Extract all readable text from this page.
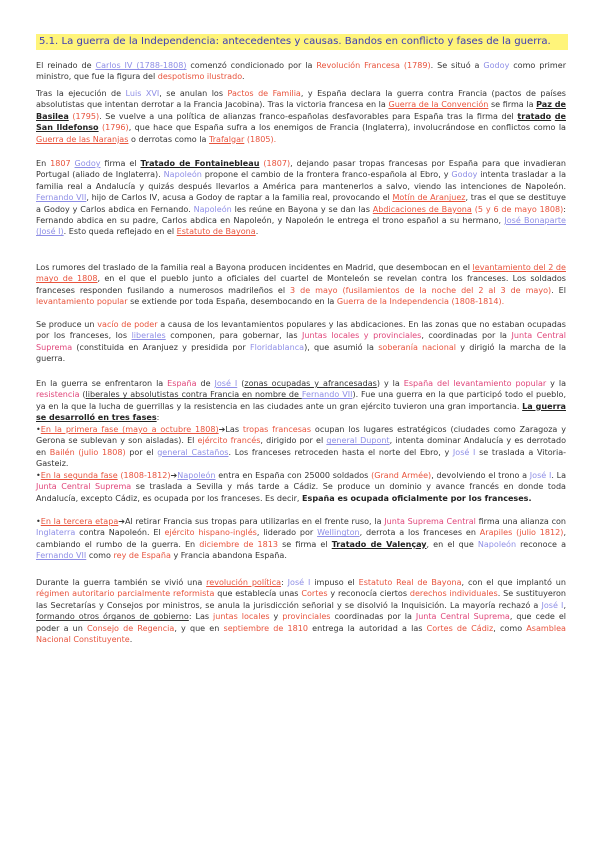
5.1. La guerra de la Independencia: antecedentes y causas. Bandos en conflicto y fases de la guerra.

El reinado de Carlos IV (1788-1808) comenzó condicionado por la Revolución Francesa (1789). Se situó a Godoy como primer ministro, que fue la figura del despotismo ilustrado.

Tras la ejecución de Luis XVI, se anulan los Pactos de Familia, y España declara la guerra contra Francia (pactos de países absolutistas que intentan derrotar a la Francia Jacobina). Tras la victoria francesa en la Guerra de la Convención se firma la Paz de Basilea (1795). Se vuelve a una política de alianzas franco-españolas desfavorables para España tras la firma del tratado de San Ildefonso (1796), que hace que España sufra a los enemigos de Francia (Inglaterra), involucrándose en conflictos como la Guerra de las Naranjas o derrotas como la Trafalgar (1805).

En 1807 Godoy firma el Tratado de Fontainebleau (1807), dejando pasar tropas francesas por España para que invadieran Portugal (aliado de Inglaterra). Napoleón propone el cambio de la frontera franco-española al Ebro, y Godoy intenta trasladar a la familia real a Andalucía y quizás después llevarlos a América para mantenerlos a salvo, viendo las intenciones de Napoleón. Fernando VII, hijo de Carlos IV, acusa a Godoy de raptar a la familia real, provocando el Motín de Aranjuez, tras el que se destituye a Godoy y Carlos abdica en Fernando. Napoleón les reúne en Bayona y se dan las Abdicaciones de Bayona (5 y 6 de mayo 1808): Fernando abdica en su padre, Carlos abdica en Napoleón, y Napoleón le entrega el trono español a su hermano, José Bonaparte (José I). Esto queda reflejado en el Estatuto de Bayona.

Los rumores del traslado de la familia real a Bayona producen incidentes en Madrid, que desembocan en el levantamiento del 2 de mayo de 1808, en el que el pueblo junto a oficiales del cuartel de Monteleón se revelan contra los franceses. Los soldados franceses responden fusilando a numerosos madrileños el 3 de mayo (fusilamientos de la noche del 2 al 3 de mayo). El levantamiento popular se extiende por toda España, desembocando en la Guerra de la Independencia (1808-1814).

Se produce un vacío de poder a causa de los levantamientos populares y las abdicaciones. En las zonas que no estaban ocupadas por los franceses, los liberales componen, para gobernar, las Juntas locales y provinciales, coordinadas por la Junta Central Suprema (constituida en Aranjuez y presidida por Floridablanca), que asumió la soberanía nacional y dirigió la marcha de la guerra.

En la guerra se enfrentaron la España de José I (zonas ocupadas y afrancesadas) y la España del levantamiento popular y la resistencia (liberales y absolutistas contra Francia en nombre de Fernando VII). Fue una guerra en la que participó todo el pueblo, ya en la que la lucha de guerrillas y la resistencia en las ciudades ante un gran ejército tuvieron una gran importancia. La guerra se desarrolló en tres fases:

•En la primera fase (mayo a octubre 1808)➔Las tropas francesas ocupan los lugares estratégicos (ciudades como Zaragoza y Gerona se sublevan y son aisladas). El ejército francés, dirigido por el general Dupont, intenta dominar Andalucía y es derrotado en Bailén (julio 1808) por el general Castaños. Los franceses retroceden hasta el norte del Ebro, y José I se traslada a Vitoria-Gasteiz.

•En la segunda fase (1808-1812)➔Napoleón entra en España con 25000 soldados (Grand Armée), devolviendo el trono a José I. La Junta Central Suprema se traslada a Sevilla y más tarde a Cádiz. Se produce un dominio y avance francés en donde toda Andalucía, excepto Cádiz, es ocupada por los franceses. Es decir, España es ocupada oficialmente por los franceses.

•En la tercera etapa➔Al retirar Francia sus tropas para utilizarlas en el frente ruso, la Junta Suprema Central firma una alianza con Inglaterra contra Napoleón. El ejército hispano-inglés, liderado por Wellington, derrota a los franceses en Arapiles (julio 1812), cambiando el rumbo de la guerra. En diciembre de 1813 se firma el Tratado de Valençay, en el que Napoleón reconoce a Fernando VII como rey de España y Francia abandona España.

Durante la guerra también se vivió una revolución política: José I impuso el Estatuto Real de Bayona, con el que implantó un régimen autoritario parcialmente reformista que establecía unas Cortes y reconocía ciertos derechos individuales. Se sustituyeron las Secretarías y Consejos por ministros, se anula la jurisdicción señorial y se disolvió la Inquisición. La mayoría rechazó a José I, formando otros órganos de gobierno: Las juntas locales y provinciales coordinadas por la Junta Central Suprema, que cede el poder a un Consejo de Regencia, y que en septiembre de 1810 entrega la autoridad a las Cortes de Cádiz, como Asamblea Nacional Constituyente.
